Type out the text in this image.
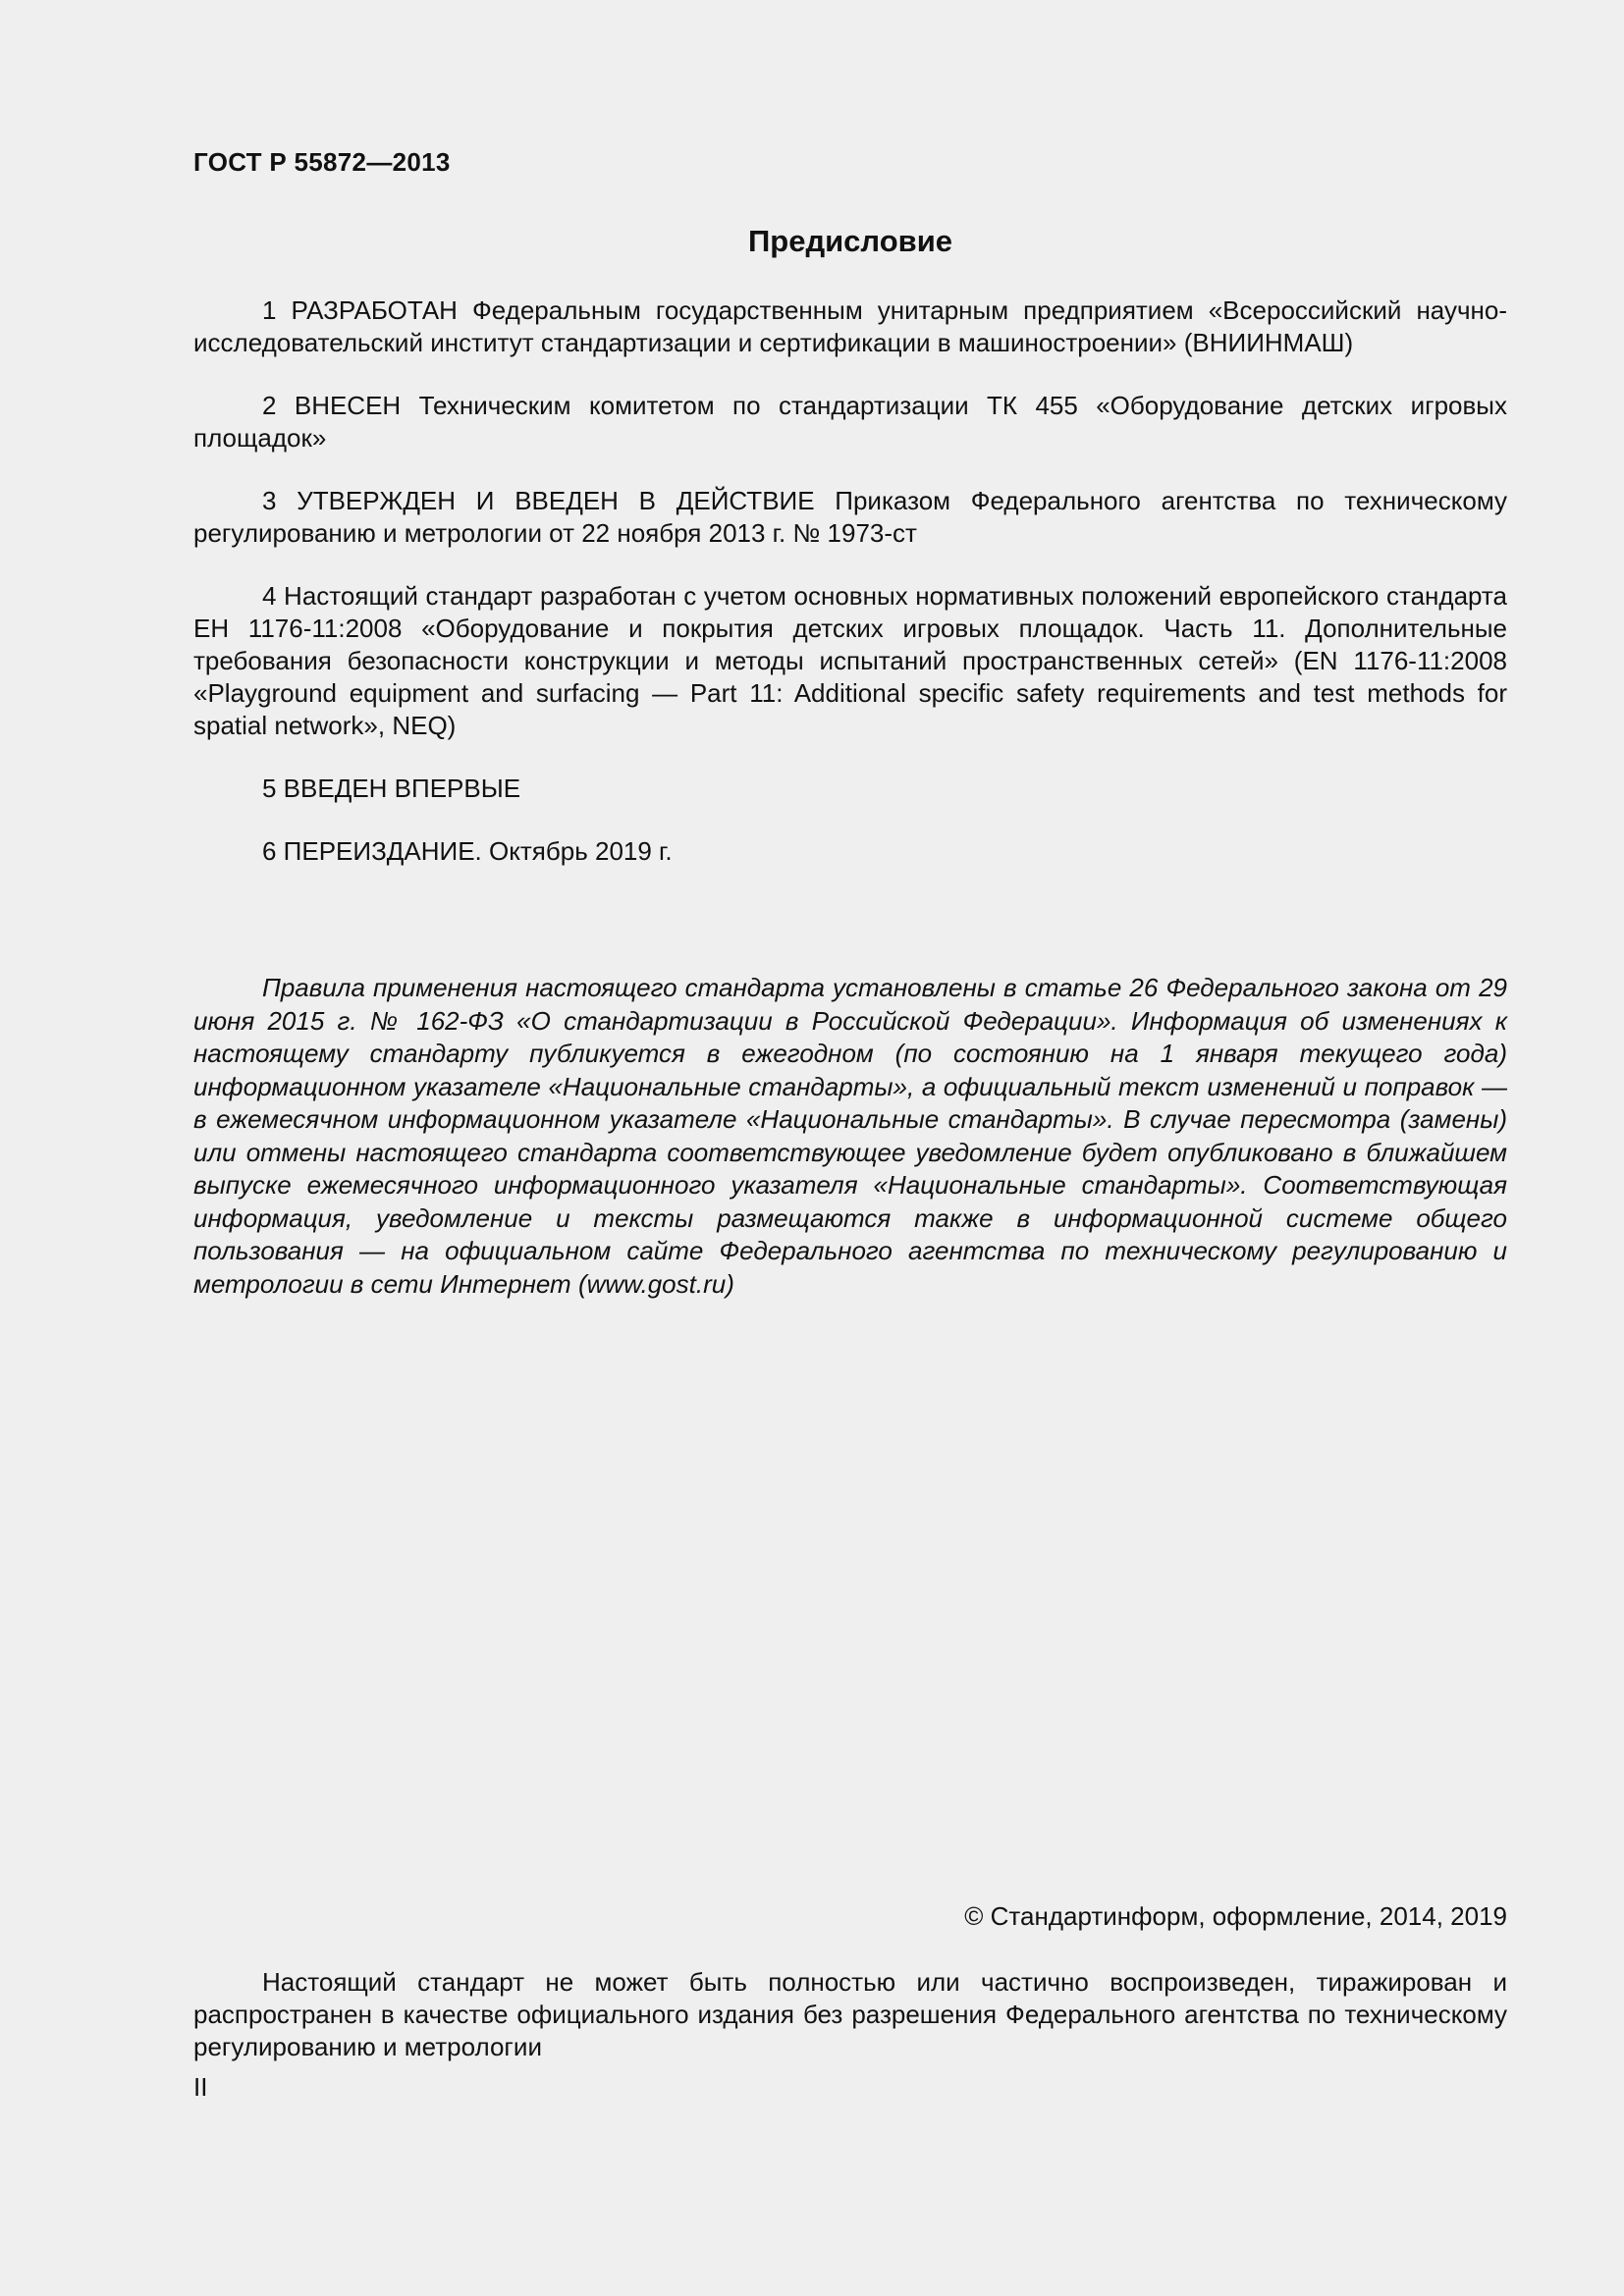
ГОСТ Р 55872—2013
Предисловие

1 РАЗРАБОТАН Федеральным государственным унитарным предприятием «Всероссийский научно-исследовательский институт стандартизации и сертификации в машиностроении» (ВНИИНМАШ)

2 ВНЕСЕН Техническим комитетом по стандартизации ТК 455 «Оборудование детских игровых площадок»

3 УТВЕРЖДЕН И ВВЕДЕН В ДЕЙСТВИЕ Приказом Федерального агентства по техническому регулированию и метрологии от 22 ноября 2013 г. № 1973-ст

4 Настоящий стандарт разработан с учетом основных нормативных положений европейского стандарта ЕН 1176-11:2008 «Оборудование и покрытия детских игровых площадок. Часть 11. Дополнительные требования безопасности конструкции и методы испытаний пространственных сетей» (EN 1176-11:2008 «Playground equipment and surfacing — Part 11: Additional specific safety requirements and test methods for spatial network», NEQ)

5 ВВЕДЕН ВПЕРВЫЕ

6 ПЕРЕИЗДАНИЕ. Октябрь 2019 г.

Правила применения настоящего стандарта установлены в статье 26 Федерального закона от 29 июня 2015 г. № 162-ФЗ «О стандартизации в Российской Федерации». Информация об изменениях к настоящему стандарту публикуется в ежегодном (по состоянию на 1 января текущего года) информационном указателе «Национальные стандарты», а официальный текст изменений и поправок — в ежемесячном информационном указателе «Национальные стандарты». В случае пересмотра (замены) или отмены настоящего стандарта соответствующее уведомление будет опубликовано в ближайшем выпуске ежемесячного информационного указателя «Национальные стандарты». Соответствующая информация, уведомление и тексты размещаются также в информационной системе общего пользования — на официальном сайте Федерального агентства по техническому регулированию и метрологии в сети Интернет (www.gost.ru)

© Стандартинформ, оформление, 2014, 2019

Настоящий стандарт не может быть полностью или частично воспроизведен, тиражирован и распространен в качестве официального издания без разрешения Федерального агентства по техническому регулированию и метрологии

II
